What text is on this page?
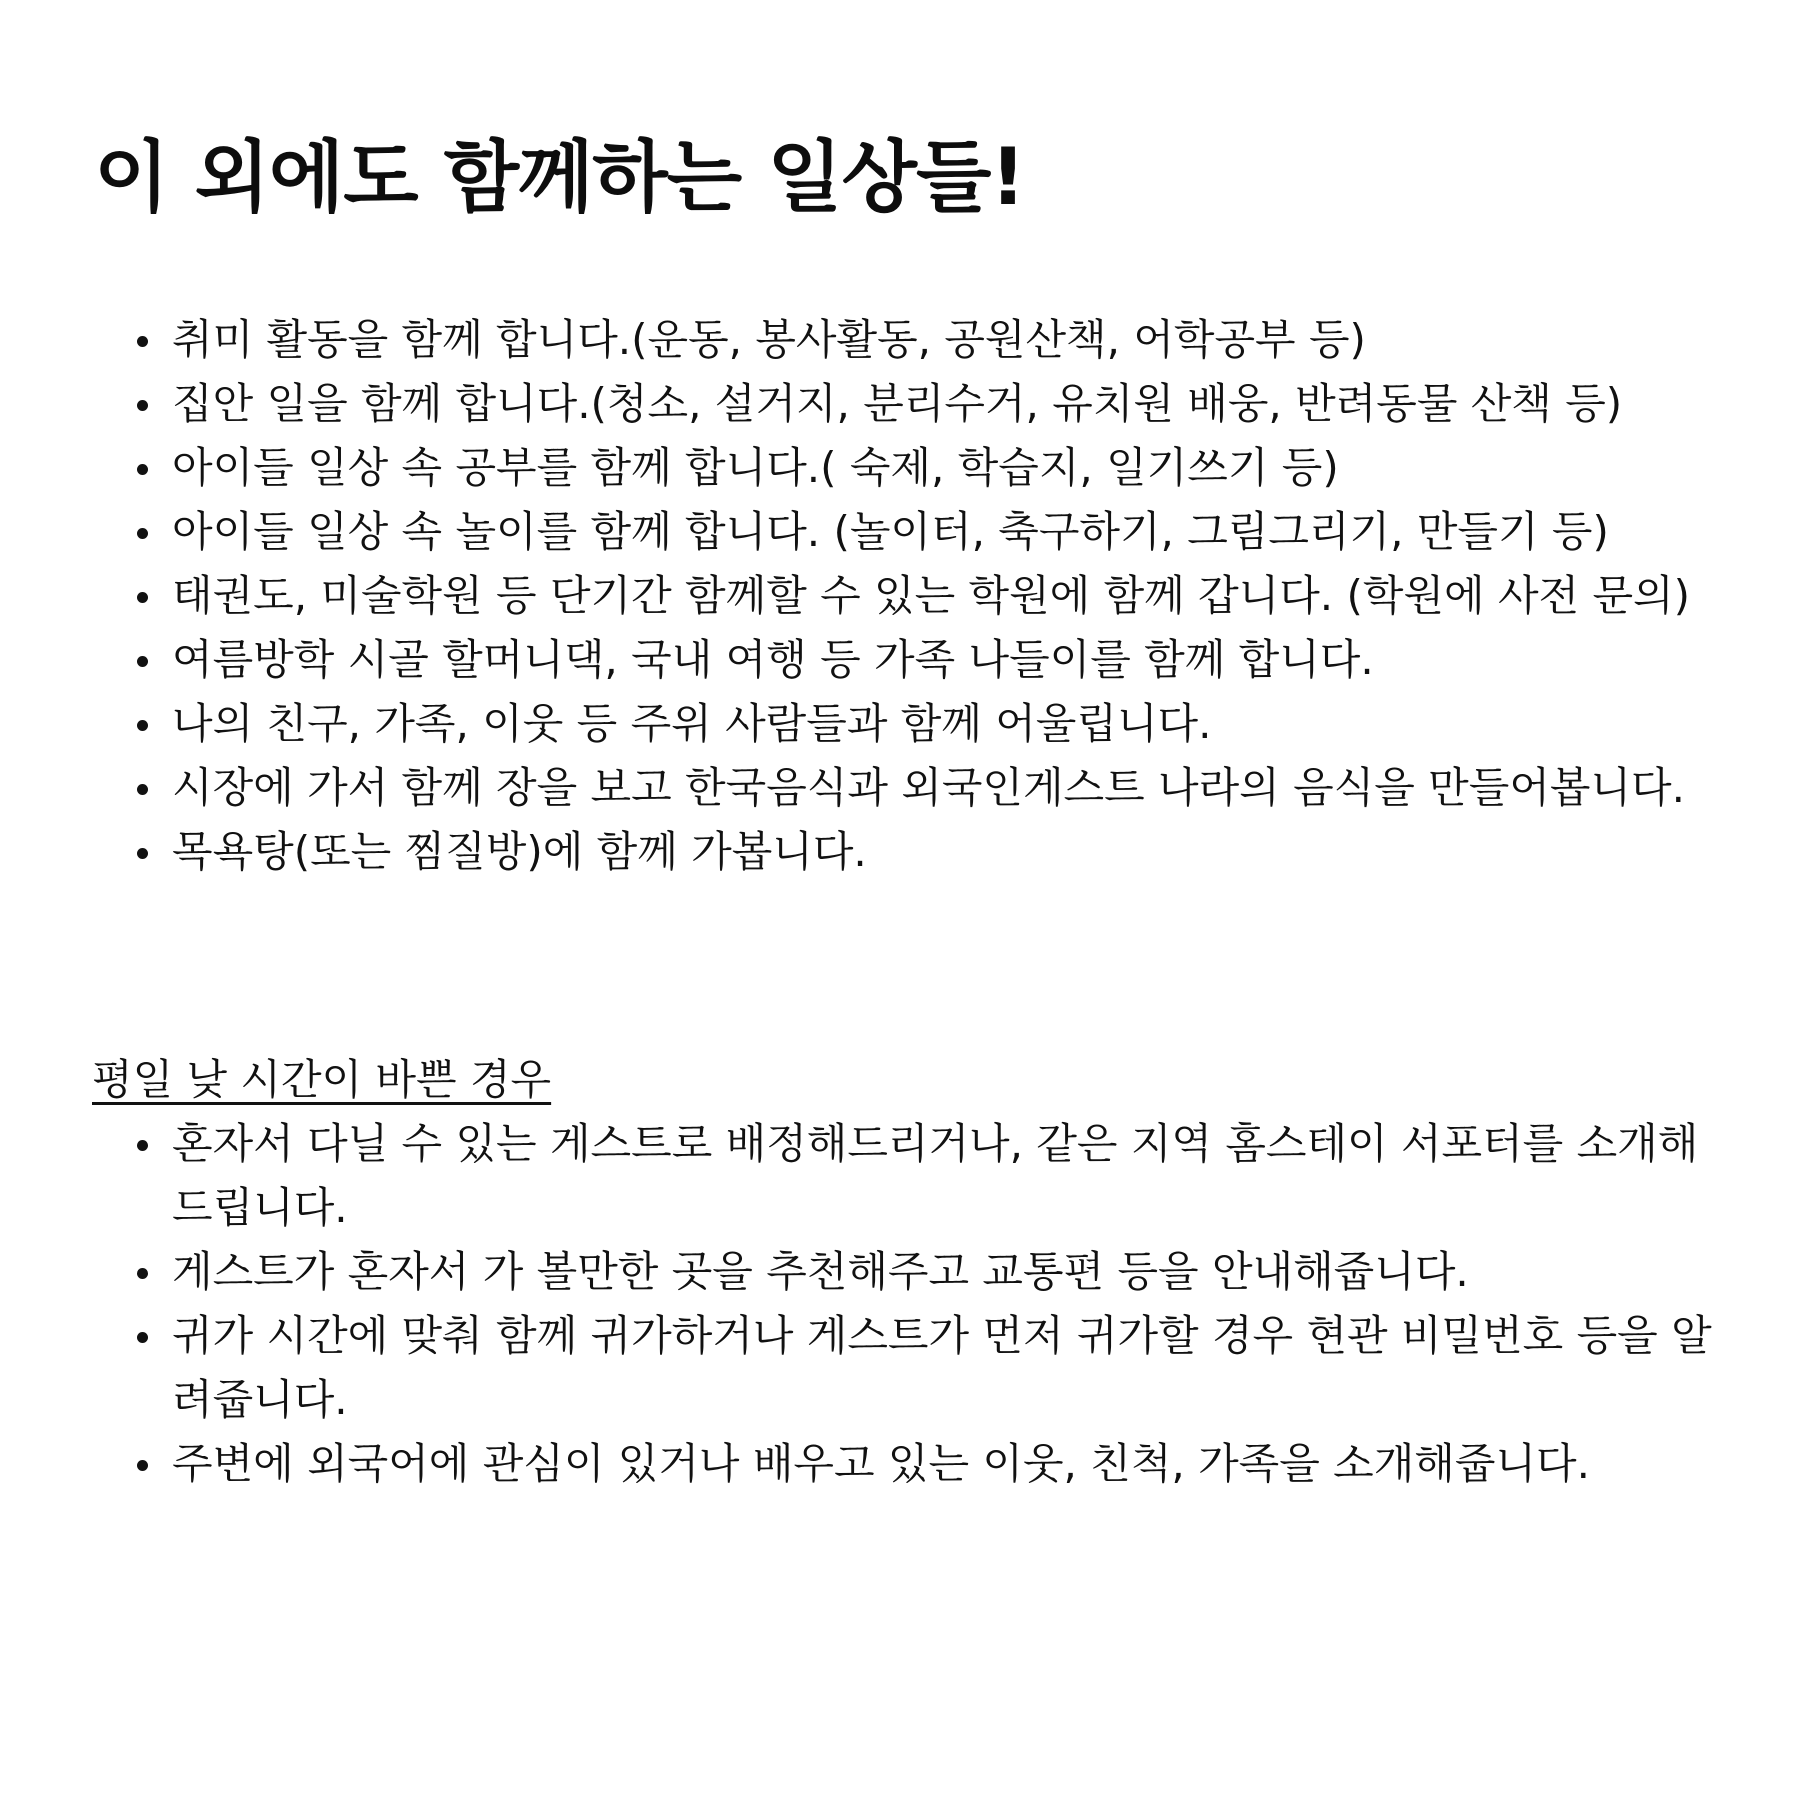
이 외에도 함께하는 일상들!
취미 활동을 함께 합니다.(운동, 봉사활동, 공원산책, 어학공부 등)
집안 일을 함께 합니다.(청소, 설거지, 분리수거, 유치원 배웅, 반려동물 산책 등)
아이들 일상 속 공부를 함께 합니다.( 숙제, 학습지, 일기쓰기 등)
아이들 일상 속 놀이를 함께 합니다. (놀이터, 축구하기, 그림그리기, 만들기 등)
태권도, 미술학원 등 단기간 함께할 수 있는 학원에 함께 갑니다. (학원에 사전 문의)
여름방학 시골 할머니댁, 국내 여행 등 가족 나들이를 함께 합니다.
나의 친구, 가족, 이웃 등 주위 사람들과 함께 어울립니다.
시장에 가서 함께 장을 보고 한국음식과 외국인게스트 나라의 음식을 만들어봅니다.
목욕탕(또는 찜질방)에 함께 가봅니다.
평일 낮 시간이 바쁜 경우
혼자서 다닐 수 있는 게스트로 배정해드리거나, 같은 지역 홈스테이 서포터를 소개해드립니다.
게스트가 혼자서 가 볼만한 곳을 추천해주고 교통편 등을 안내해줍니다.
귀가 시간에 맞춰 함께 귀가하거나 게스트가 먼저 귀가할 경우 현관 비밀번호 등을 알려줍니다.
주변에 외국어에 관심이 있거나 배우고 있는 이웃, 친척, 가족을 소개해줍니다.
